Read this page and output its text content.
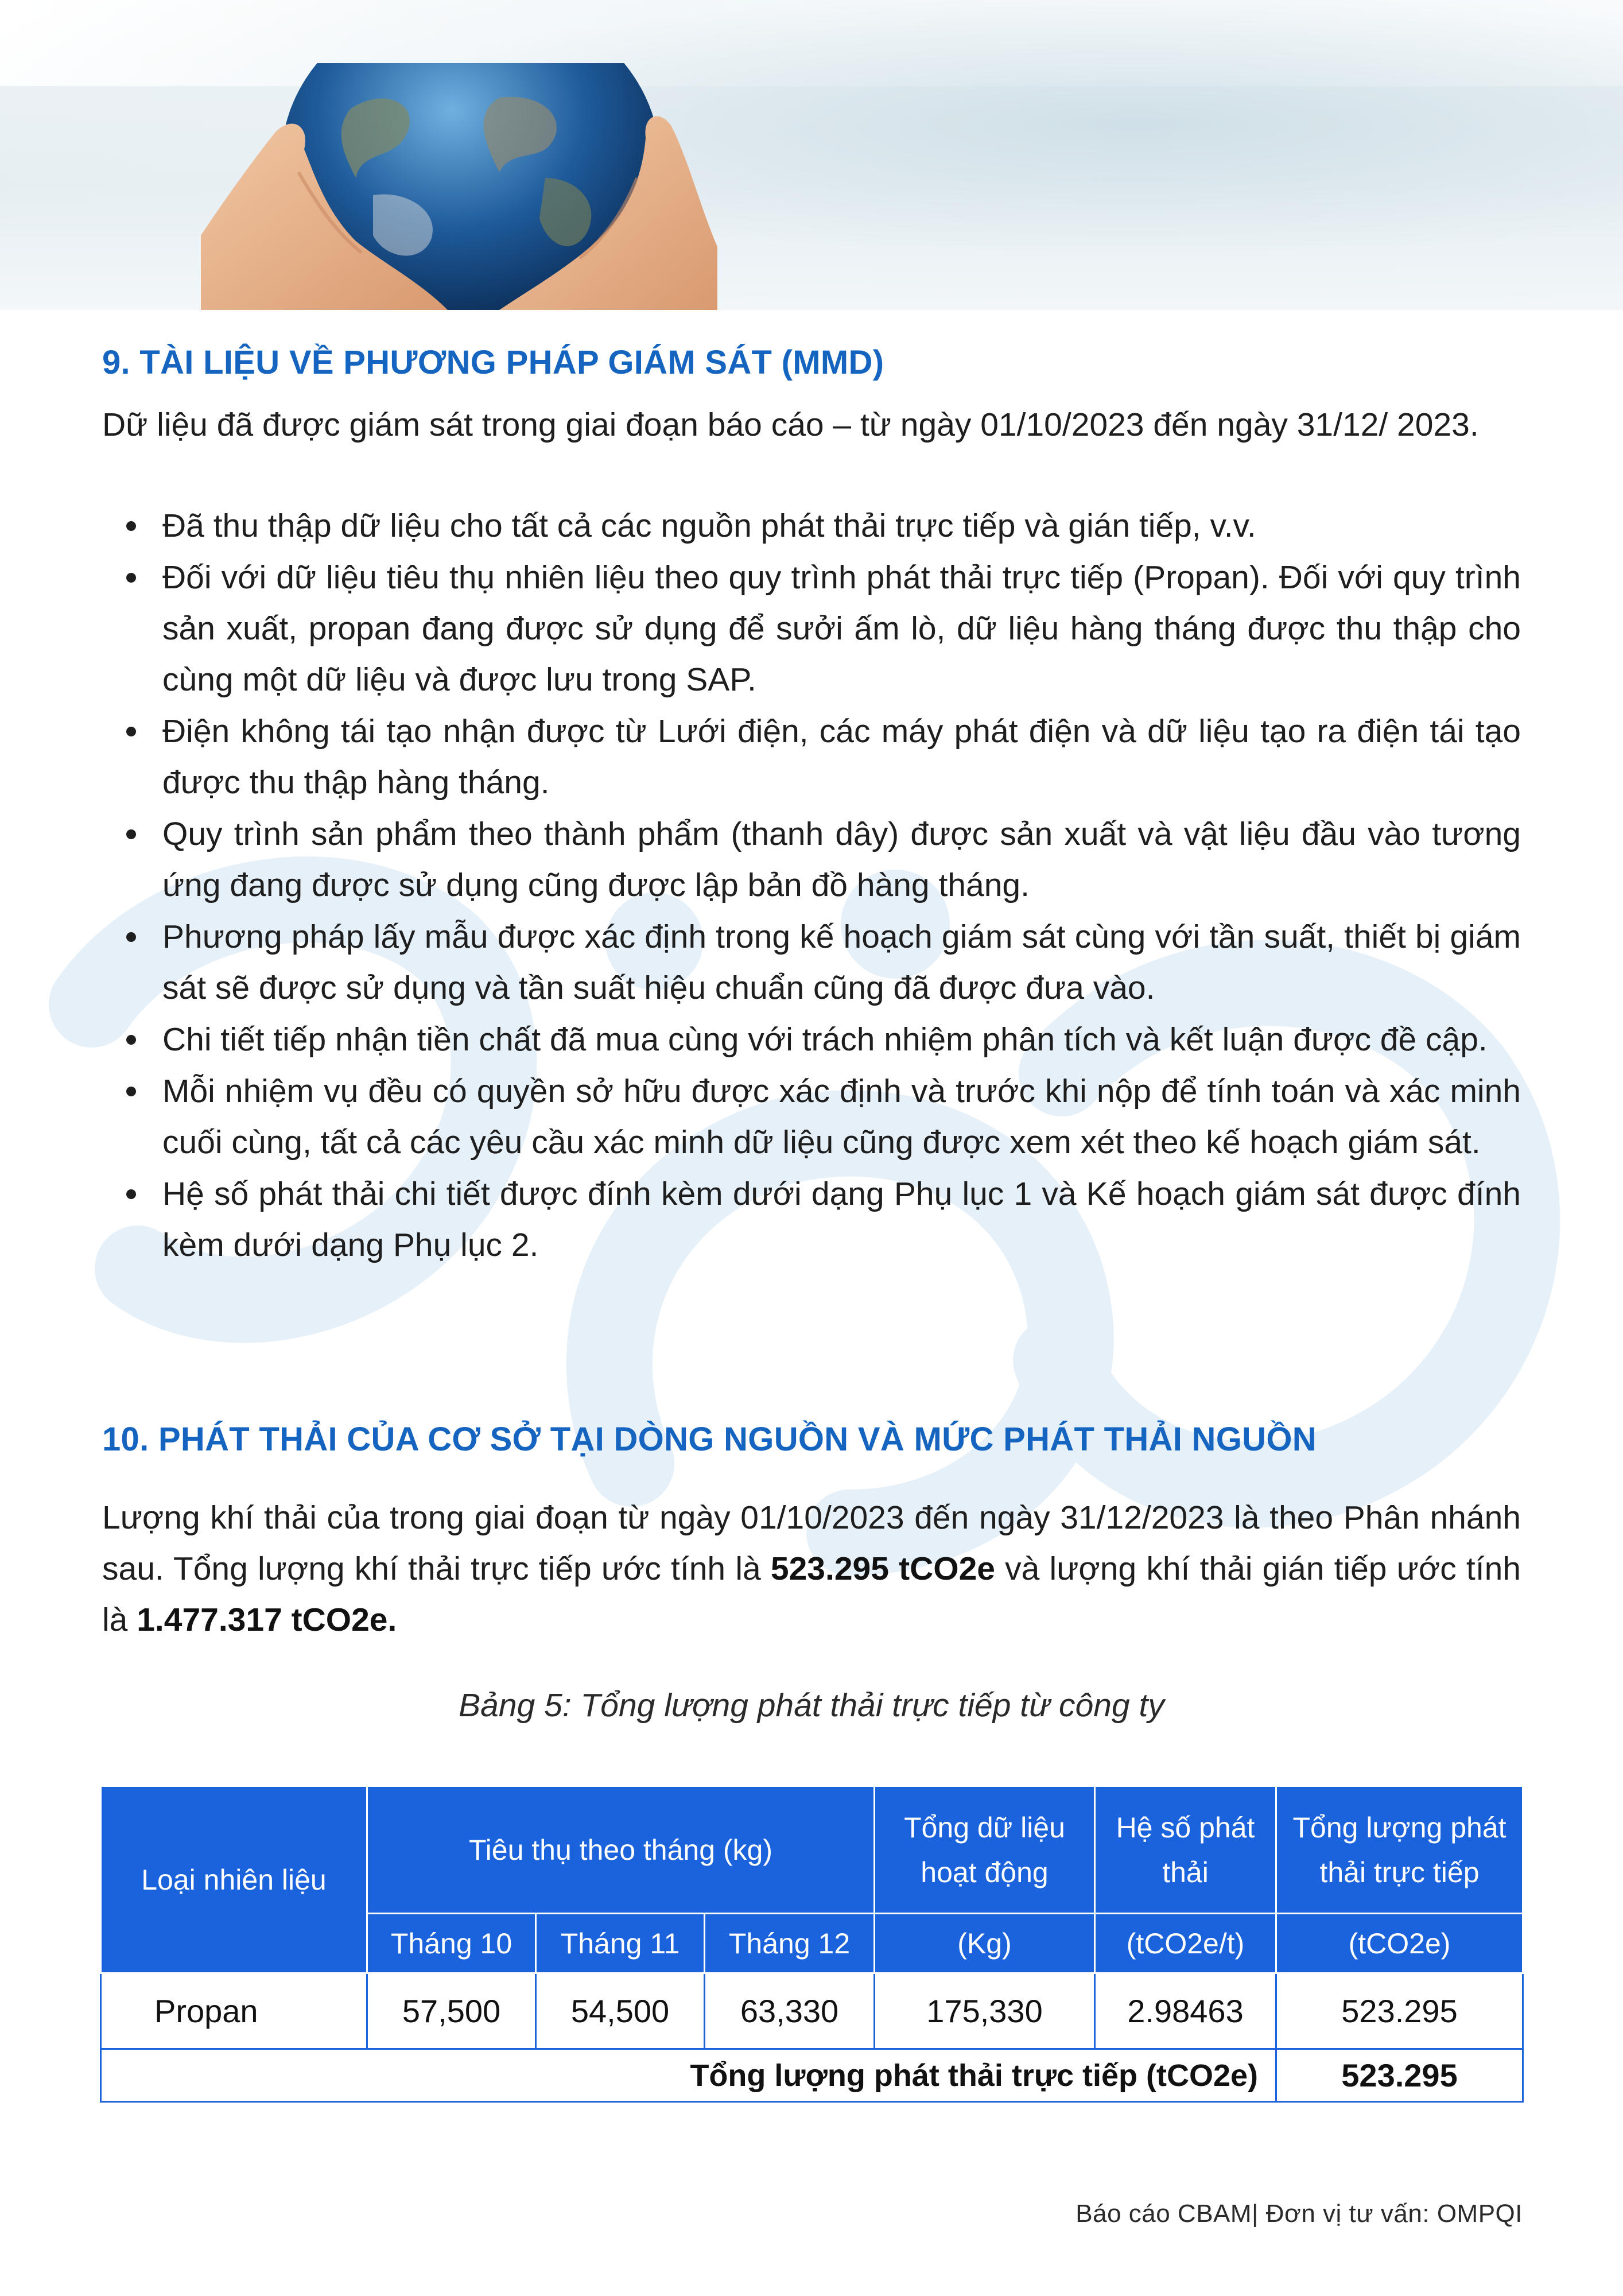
9. TÀI LIỆU VỀ PHƯƠNG PHÁP GIÁM SÁT (MMD)
Dữ liệu đã được giám sát trong giai đoạn báo cáo – từ ngày 01/10/2023 đến ngày 31/12/ 2023.
Đã thu thập dữ liệu cho tất cả các nguồn phát thải trực tiếp và gián tiếp, v.v.
Đối với dữ liệu tiêu thụ nhiên liệu theo quy trình phát thải trực tiếp (Propan). Đối với quy trình sản xuất, propan đang được sử dụng để sưởi ấm lò, dữ liệu hàng tháng được thu thập cho cùng một dữ liệu và được lưu trong SAP.
Điện không tái tạo nhận được từ Lưới điện, các máy phát điện và dữ liệu tạo ra điện tái tạo được thu thập hàng tháng.
Quy trình sản phẩm theo thành phẩm (thanh dây) được sản xuất và vật liệu đầu vào tương ứng đang được sử dụng cũng được lập bản đồ hàng tháng.
Phương pháp lấy mẫu được xác định trong kế hoạch giám sát cùng với tần suất, thiết bị giám sát sẽ được sử dụng và tần suất hiệu chuẩn cũng đã được đưa vào.
Chi tiết tiếp nhận tiền chất đã mua cùng với trách nhiệm phân tích và kết luận được đề cập.
Mỗi nhiệm vụ đều có quyền sở hữu được xác định và trước khi nộp để tính toán và xác minh cuối cùng, tất cả các yêu cầu xác minh dữ liệu cũng được xem xét theo kế hoạch giám sát.
Hệ số phát thải chi tiết được đính kèm dưới dạng Phụ lục 1 và Kế hoạch giám sát được đính kèm dưới dạng Phụ lục 2.
10. PHÁT THẢI CỦA CƠ SỞ TẠI DÒNG NGUỒN VÀ MỨC PHÁT THẢI NGUỒN
Lượng khí thải của trong giai đoạn từ ngày 01/10/2023 đến ngày 31/12/2023 là theo Phân nhánh sau. Tổng lượng khí thải trực tiếp ước tính là 523.295 tCO2e và lượng khí thải gián tiếp ước tính là 1.477.317 tCO2e.
Bảng 5: Tổng lượng phát thải trực tiếp từ công ty
Loại nhiên liệu	Tiêu thụ theo tháng (kg)			Tổng dữ liệu hoạt động	Hệ số phát thải	Tổng lượng phát thải trực tiếp
	Tháng 10	Tháng 11	Tháng 12	(Kg)	(tCO2e/t)	(tCO2e)
Propan	57,500	54,500	63,330	175,330	2.98463	523.295
Tổng lượng phát thải trực tiếp (tCO2e)						523.295
Báo cáo CBAM| Đơn vị tư vấn: OMPQI
